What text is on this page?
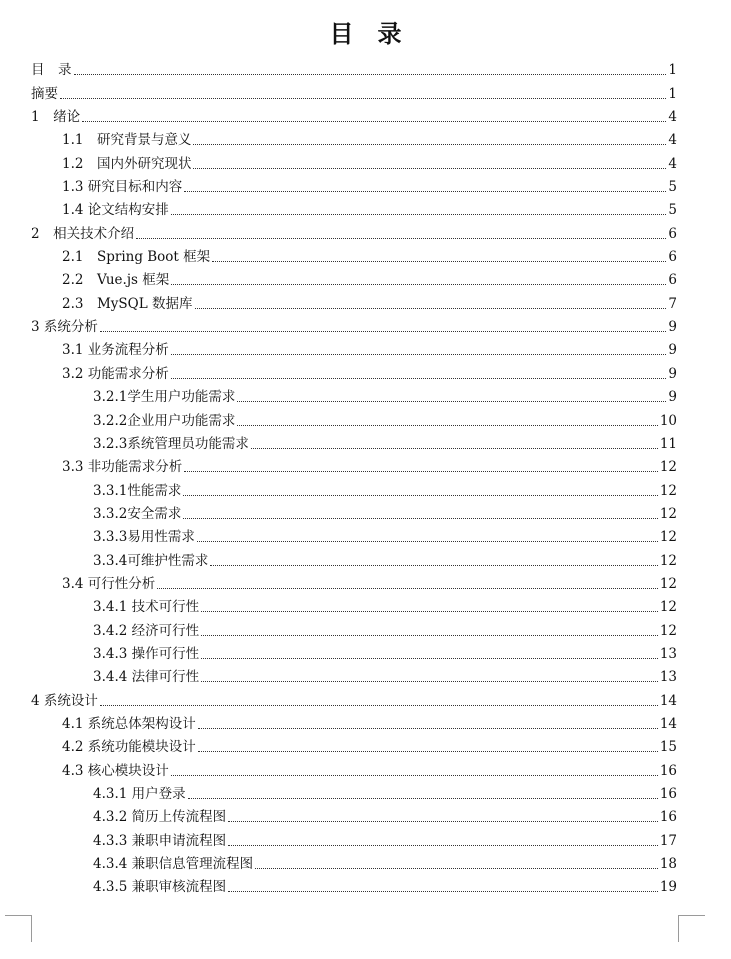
目　录
目　录	1
摘要	1
1　绪论	4
1.1　研究背景与意义	4
1.2　国内外研究现状	4
1.3 研究目标和内容	5
1.4 论文结构安排	5
2　相关技术介绍	6
2.1　Spring Boot 框架	6
2.2　Vue.js 框架	6
2.3　MySQL 数据库	7
3 系统分析	9
3.1 业务流程分析	9
3.2 功能需求分析	9
3.2.1学生用户功能需求	9
3.2.2企业用户功能需求	10
3.2.3系统管理员功能需求	11
3.3 非功能需求分析	12
3.3.1性能需求	12
3.3.2安全需求	12
3.3.3易用性需求	12
3.3.4可维护性需求	12
3.4 可行性分析	12
3.4.1 技术可行性	12
3.4.2 经济可行性	12
3.4.3 操作可行性	13
3.4.4 法律可行性	13
4 系统设计	14
4.1 系统总体架构设计	14
4.2 系统功能模块设计	15
4.3 核心模块设计	16
4.3.1 用户登录	16
4.3.2 简历上传流程图	16
4.3.3 兼职申请流程图	17
4.3.4 兼职信息管理流程图	18
4.3.5 兼职审核流程图	19
